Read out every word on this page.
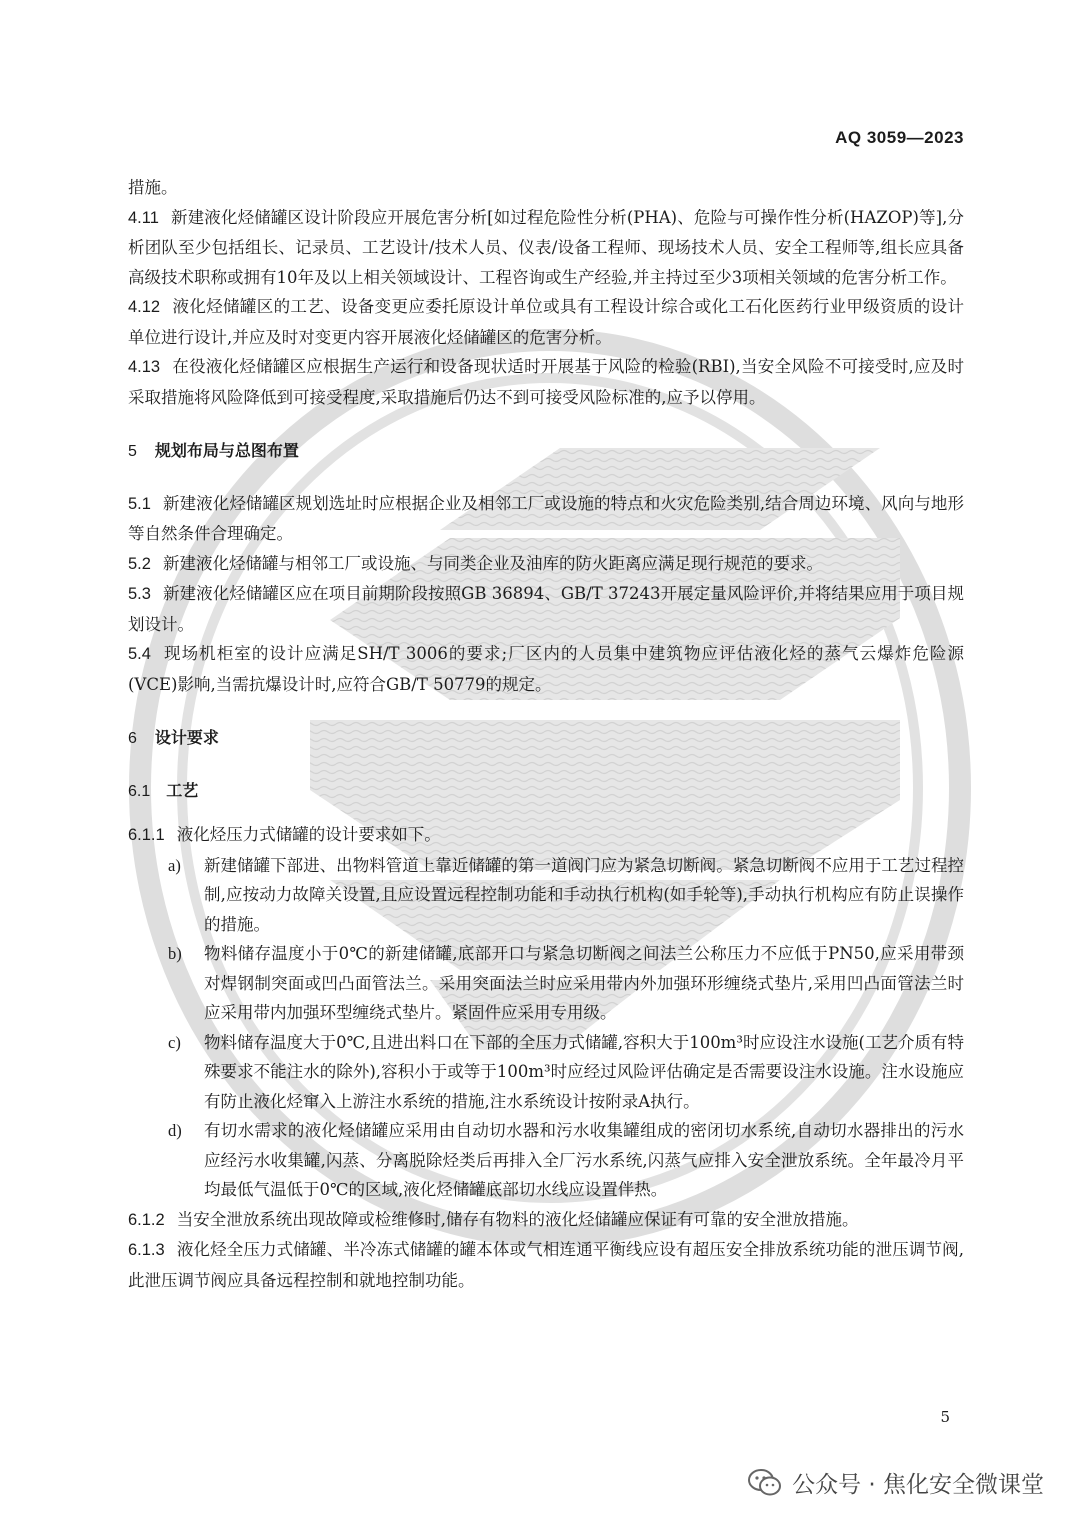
AQ 3059—2023

措施。

4.11 新建液化烃储罐区设计阶段应开展危害分析[如过程危险性分析(PHA)、危险与可操作性分析(HAZOP)等],分析团队至少包括组长、记录员、工艺设计/技术人员、仪表/设备工程师、现场技术人员、安全工程师等,组长应具备高级技术职称或拥有10年及以上相关领域设计、工程咨询或生产经验,并主持过至少3项相关领域的危害分析工作。

4.12 液化烃储罐区的工艺、设备变更应委托原设计单位或具有工程设计综合或化工石化医药行业甲级资质的设计单位进行设计,并应及时对变更内容开展液化烃储罐区的危害分析。

4.13 在役液化烃储罐区应根据生产运行和设备现状适时开展基于风险的检验(RBI),当安全风险不可接受时,应及时采取措施将风险降低到可接受程度,采取措施后仍达不到可接受风险标准的,应予以停用。

5 规划布局与总图布置

5.1 新建液化烃储罐区规划选址时应根据企业及相邻工厂或设施的特点和火灾危险类别,结合周边环境、风向与地形等自然条件合理确定。

5.2 新建液化烃储罐与相邻工厂或设施、与同类企业及油库的防火距离应满足现行规范的要求。

5.3 新建液化烃储罐区应在项目前期阶段按照GB 36894、GB/T 37243开展定量风险评价,并将结果应用于项目规划设计。

5.4 现场机柜室的设计应满足SH/T 3006的要求;厂区内的人员集中建筑物应评估液化烃的蒸气云爆炸危险源(VCE)影响,当需抗爆设计时,应符合GB/T 50779的规定。

6 设计要求
6.1 工艺

6.1.1 液化烃压力式储罐的设计要求如下。

a)	新建储罐下部进、出物料管道上靠近储罐的第一道阀门应为紧急切断阀。紧急切断阀不应用于工艺过程控制,应按动力故障关设置,且应设置远程控制功能和手动执行机构(如手轮等),手动执行机构应有防止误操作的措施。
b)	物料储存温度小于0℃的新建储罐,底部开口与紧急切断阀之间法兰公称压力不应低于PN50,应采用带颈对焊钢制突面或凹凸面管法兰。采用突面法兰时应采用带内外加强环形缠绕式垫片,采用凹凸面管法兰时应采用带内加强环型缠绕式垫片。紧固件应采用专用级。
c)	物料储存温度大于0℃,且进出料口在下部的全压力式储罐,容积大于100m³时应设注水设施(工艺介质有特殊要求不能注水的除外),容积小于或等于100m³时应经过风险评估确定是否需要设注水设施。注水设施应有防止液化烃窜入上游注水系统的措施,注水系统设计按附录A执行。
d)	有切水需求的液化烃储罐应采用由自动切水器和污水收集罐组成的密闭切水系统,自动切水器排出的污水应经污水收集罐,闪蒸、分离脱除烃类后再排入全厂污水系统,闪蒸气应排入安全泄放系统。全年最冷月平均最低气温低于0℃的区域,液化烃储罐底部切水线应设置伴热。

6.1.2 当安全泄放系统出现故障或检维修时,储存有物料的液化烃储罐应保证有可靠的安全泄放措施。

6.1.3 液化烃全压力式储罐、半冷冻式储罐的罐本体或气相连通平衡线应设有超压安全排放系统功能的泄压调节阀,此泄压调节阀应具备远程控制和就地控制功能。

5
公众号 · 焦化安全微课堂
